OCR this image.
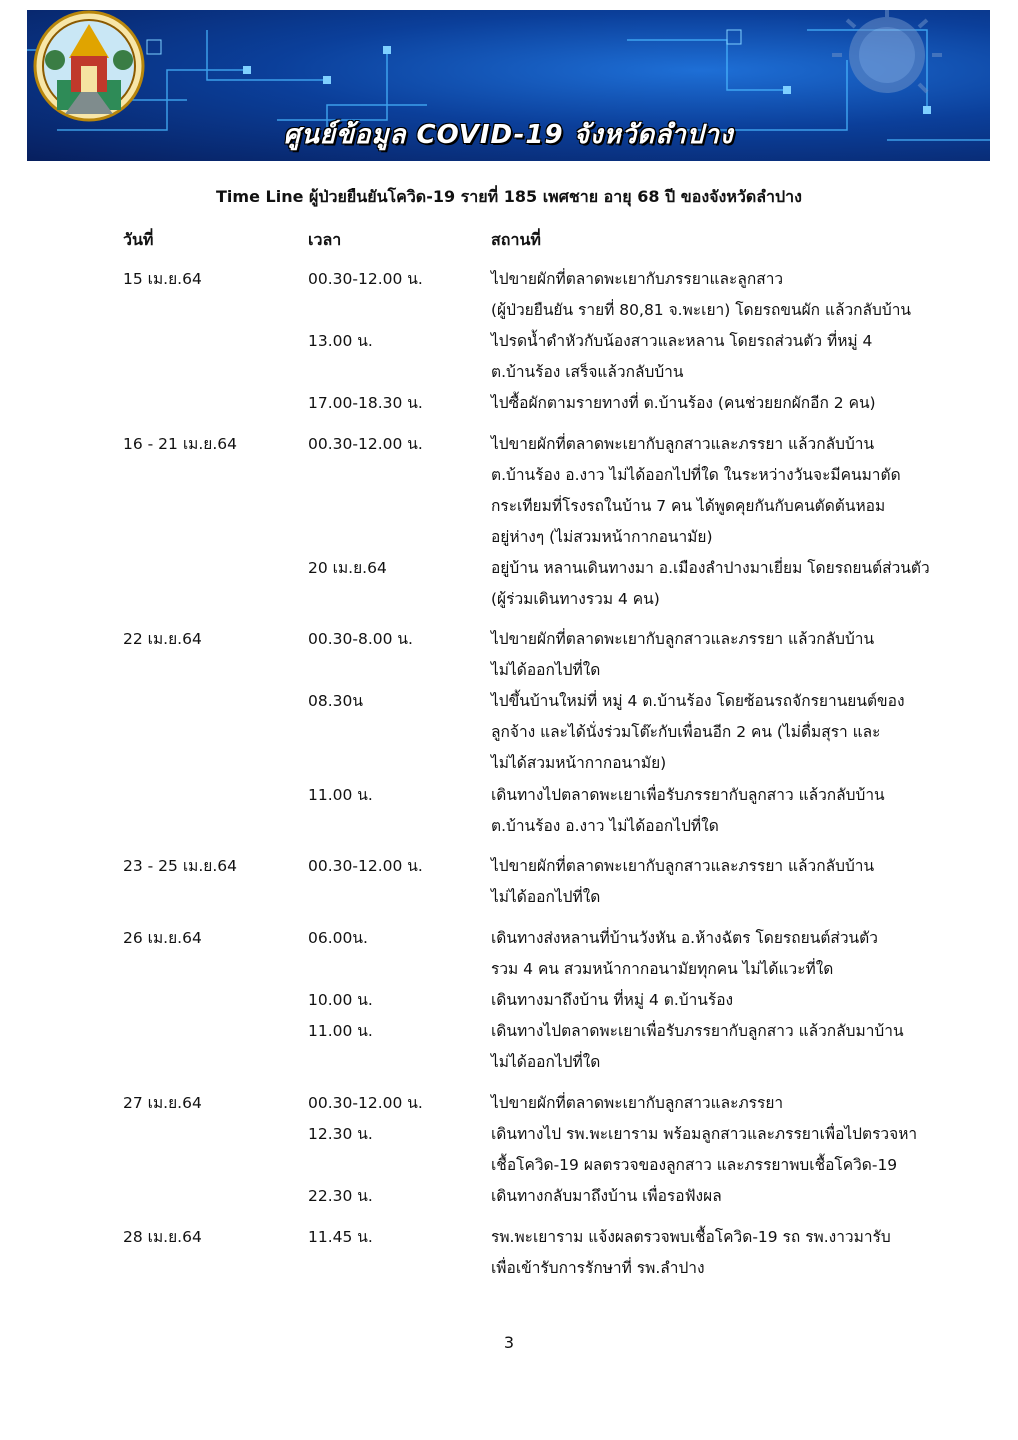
ศูนย์ข้อมูล COVID-19 จังหวัดลำปาง
Time Line ผู้ป่วยยืนยันโควิด-19 รายที่ 185 เพศชาย อายุ 68 ปี ของจังหวัดลำปาง
วันที่	เวลา	สถานที่
15 เม.ย.64	00.30-12.00 น.	ไปขายผักที่ตลาดพะเยากับภรรยาและลูกสาว
(ผู้ป่วยยืนยัน รายที่ 80,81 จ.พะเยา) โดยรถขนผัก แล้วกลับบ้าน
13.00 น.	ไปรดน้ำดำหัวกับน้องสาวและหลาน โดยรถส่วนตัว ที่หมู่ 4
ต.บ้านร้อง เสร็จแล้วกลับบ้าน
17.00-18.30 น.	ไปซื้อผักตามรายทางที่ ต.บ้านร้อง (คนช่วยยกผักอีก 2 คน)
16 - 21 เม.ย.64	00.30-12.00 น.	ไปขายผักที่ตลาดพะเยากับลูกสาวและภรรยา แล้วกลับบ้าน
ต.บ้านร้อง อ.งาว ไม่ได้ออกไปที่ใด ในระหว่างวันจะมีคนมาตัด
กระเทียมที่โรงรถในบ้าน 7 คน ได้พูดคุยกันกับคนตัดต้นหอม
อยู่ห่างๆ (ไม่สวมหน้ากากอนามัย)
20 เม.ย.64	อยู่บ้าน หลานเดินทางมา อ.เมืองลำปางมาเยี่ยม โดยรถยนต์ส่วนตัว
(ผู้ร่วมเดินทางรวม 4 คน)
22 เม.ย.64	00.30-8.00 น.	ไปขายผักที่ตลาดพะเยากับลูกสาวและภรรยา แล้วกลับบ้าน
ไม่ได้ออกไปที่ใด
08.30น	ไปขึ้นบ้านใหม่ที่ หมู่ 4 ต.บ้านร้อง โดยซ้อนรถจักรยานยนต์ของ
ลูกจ้าง และได้นั่งร่วมโต๊ะกับเพื่อนอีก 2 คน (ไม่ดื่มสุรา และ
ไม่ได้สวมหน้ากากอนามัย)
11.00 น.	เดินทางไปตลาดพะเยาเพื่อรับภรรยากับลูกสาว แล้วกลับบ้าน
ต.บ้านร้อง อ.งาว ไม่ได้ออกไปที่ใด
23 - 25 เม.ย.64	00.30-12.00 น.	ไปขายผักที่ตลาดพะเยากับลูกสาวและภรรยา แล้วกลับบ้าน
ไม่ได้ออกไปที่ใด
26 เม.ย.64	06.00น.	เดินทางส่งหลานที่บ้านวังหัน อ.ห้างฉัตร โดยรถยนต์ส่วนตัว
รวม 4 คน สวมหน้ากากอนามัยทุกคน ไม่ได้แวะที่ใด
10.00 น.	เดินทางมาถึงบ้าน ที่หมู่ 4 ต.บ้านร้อง
11.00 น.	เดินทางไปตลาดพะเยาเพื่อรับภรรยากับลูกสาว แล้วกลับมาบ้าน
ไม่ได้ออกไปที่ใด
27 เม.ย.64	00.30-12.00 น.	ไปขายผักที่ตลาดพะเยากับลูกสาวและภรรยา
12.30 น.	เดินทางไป รพ.พะเยาราม พร้อมลูกสาวและภรรยาเพื่อไปตรวจหา
เชื้อโควิด-19 ผลตรวจของลูกสาว และภรรยาพบเชื้อโควิด-19
22.30 น.	เดินทางกลับมาถึงบ้าน เพื่อรอฟังผล
28 เม.ย.64	11.45 น.	รพ.พะเยาราม แจ้งผลตรวจพบเชื้อโควิด-19 รถ รพ.งาวมารับ
เพื่อเข้ารับการรักษาที่ รพ.ลำปาง
3
